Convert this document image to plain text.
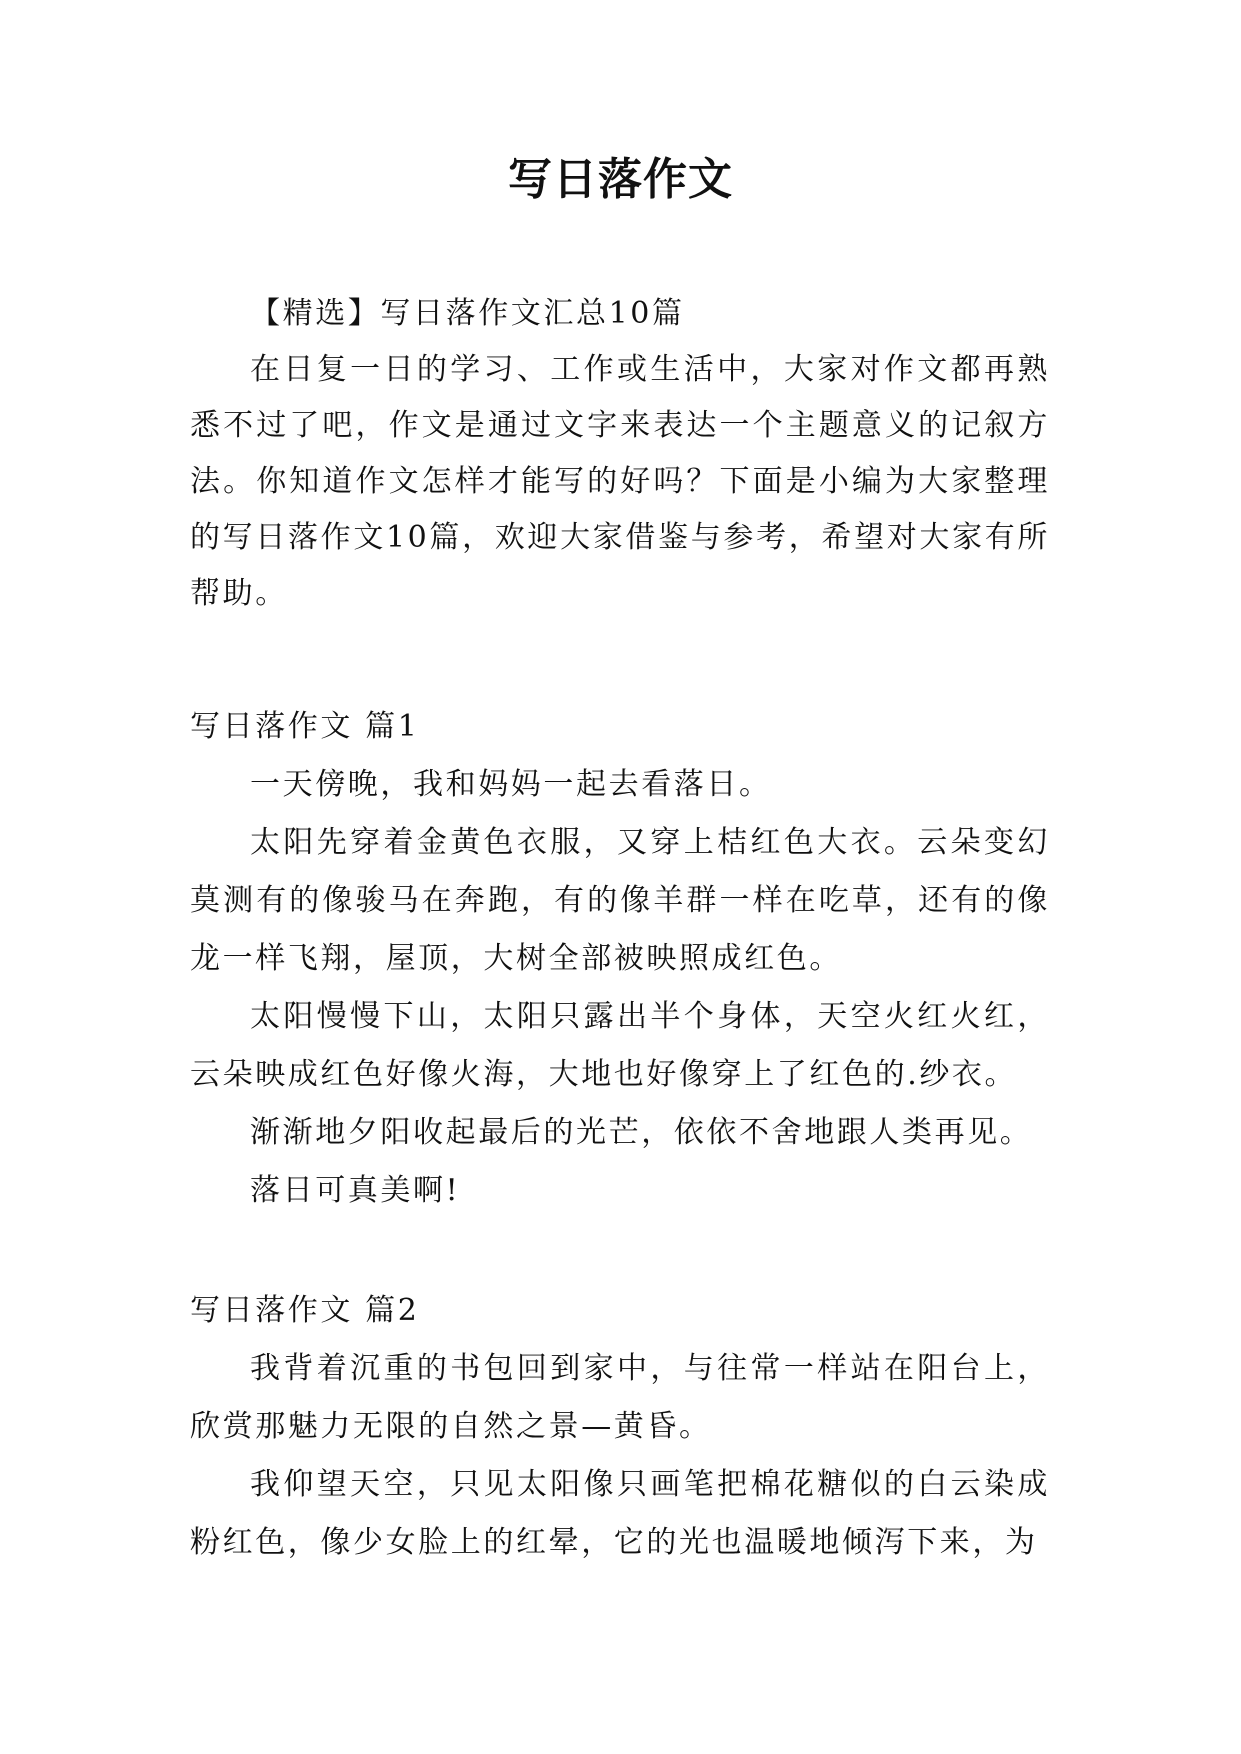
写日落作文

【精选】写日落作文汇总10篇

在日复一日的学习、工作或生活中，大家对作文都再熟悉不过了吧，作文是通过文字来表达一个主题意义的记叙方法。你知道作文怎样才能写的好吗？下面是小编为大家整理的写日落作文10篇，欢迎大家借鉴与参考，希望对大家有所帮助。

写日落作文 篇1

一天傍晚，我和妈妈一起去看落日。

太阳先穿着金黄色衣服，又穿上桔红色大衣。云朵变幻莫测有的像骏马在奔跑，有的像羊群一样在吃草，还有的像龙一样飞翔，屋顶，大树全部被映照成红色。

太阳慢慢下山，太阳只露出半个身体，天空火红火红，云朵映成红色好像火海，大地也好像穿上了红色的.纱衣。

渐渐地夕阳收起最后的光芒，依依不舍地跟人类再见。

落日可真美啊!

写日落作文 篇2

我背着沉重的书包回到家中，与往常一样站在阳台上，欣赏那魅力无限的自然之景—黄昏。

我仰望天空，只见太阳像只画笔把棉花糖似的白云染成粉红色，像少女脸上的红晕，它的光也温暖地倾泻下来，为
